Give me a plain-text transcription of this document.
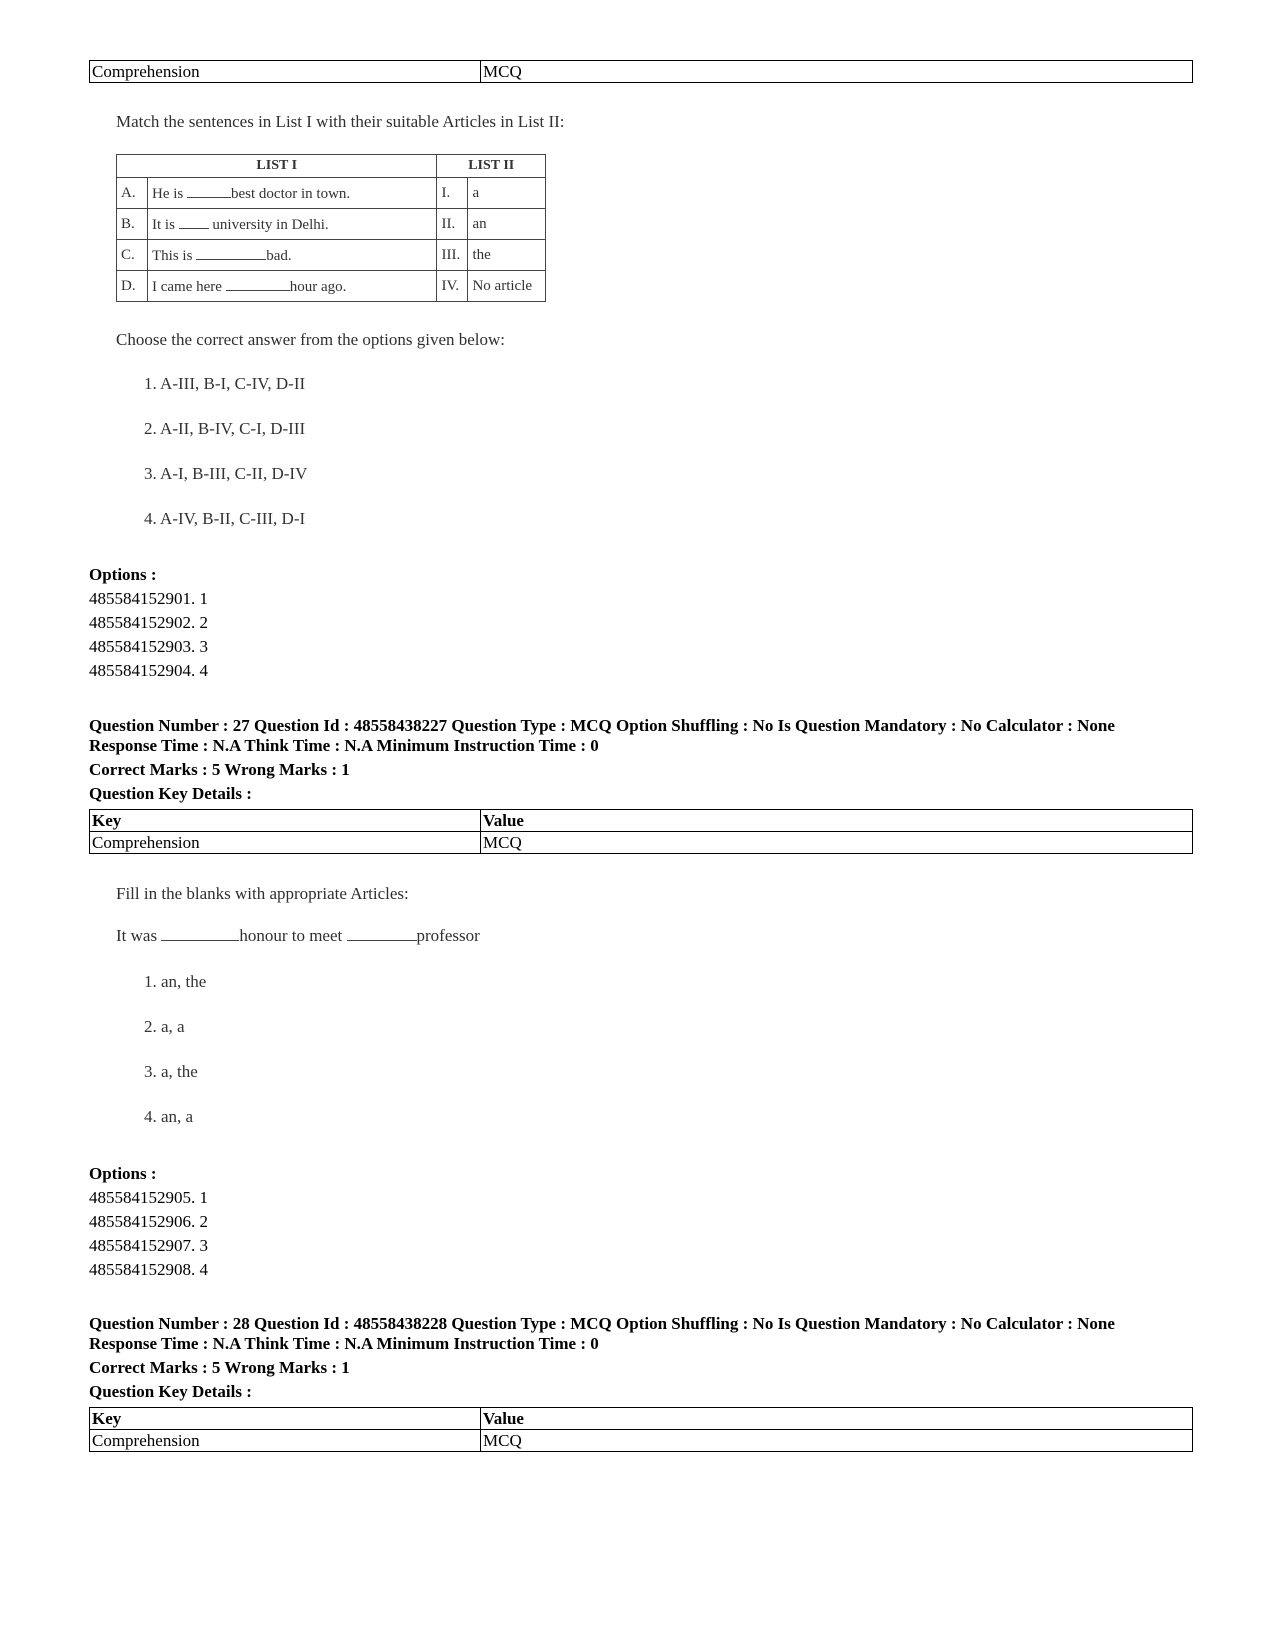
Comprehension	MCQ
Match the sentences in List I with their suitable Articles in List II:
LIST I		LIST II	
A.	He is best doctor in town.	I.	a
B.	It is university in Delhi.	II.	an
C.	This is bad.	III.	the
D.	I came here hour ago.	IV.	No article
Choose the correct answer from the options given below:
1. A-III, B-I, C-IV, D-II
2. A-II, B-IV, C-I, D-III
3. A-I, B-III, C-II, D-IV
4. A-IV, B-II, C-III, D-I
Options :
485584152901. 1
485584152902. 2
485584152903. 3
485584152904. 4
Question Number : 27 Question Id : 48558438227 Question Type : MCQ Option Shuffling : No Is Question Mandatory : No Calculator : None
Response Time : N.A Think Time : N.A Minimum Instruction Time : 0
Correct Marks : 5 Wrong Marks : 1
Question Key Details :
Key	Value
Comprehension	MCQ
Fill in the blanks with appropriate Articles:
It was	honour to meet	professor
1. an, the
2. a, a
3. a, the
4. an, a
Options :
485584152905. 1
485584152906. 2
485584152907. 3
485584152908. 4
Question Number : 28 Question Id : 48558438228 Question Type : MCQ Option Shuffling : No Is Question Mandatory : No Calculator : None
Response Time : N.A Think Time : N.A Minimum Instruction Time : 0
Correct Marks : 5 Wrong Marks : 1
Question Key Details :
Key	Value
Comprehension	MCQ
